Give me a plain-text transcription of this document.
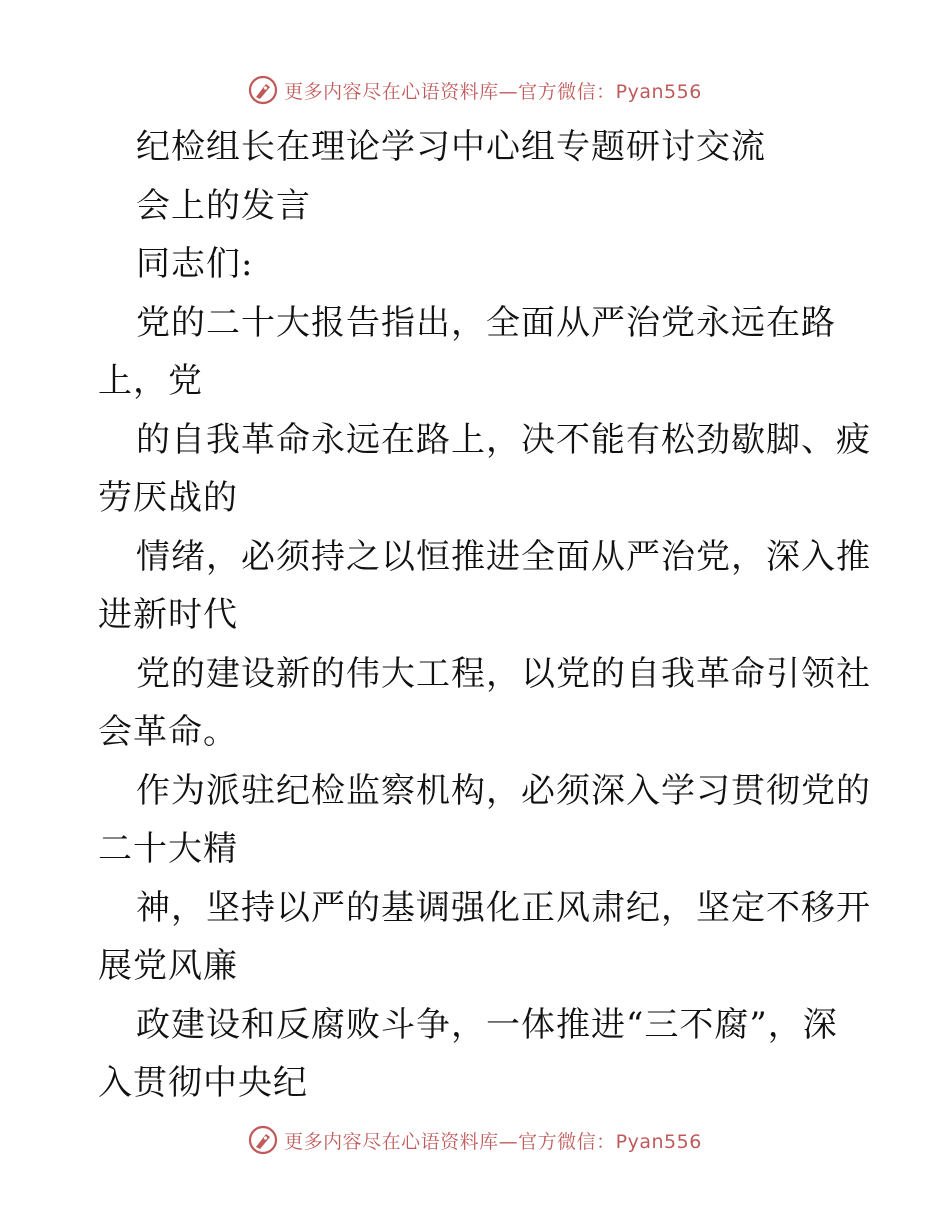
更多内容尽在心语资料库—官方微信：Pyan556
纪检组长在理论学习中心组专题研讨交流
会上的发言
同志们:
党的二十大报告指出，全面从严治党永远在路
上，党
的自我革命永远在路上，决不能有松劲歇脚、疲
劳厌战的
情绪，必须持之以恒推进全面从严治党，深入推
进新时代
党的建设新的伟大工程，以党的自我革命引领社
会革命。
作为派驻纪检监察机构，必须深入学习贯彻党的
二十大精
神，坚持以严的基调强化正风肃纪，坚定不移开
展党风廉
政建设和反腐败斗争，一体推进“三不腐”，深
入贯彻中央纪
更多内容尽在心语资料库—官方微信：Pyan556
